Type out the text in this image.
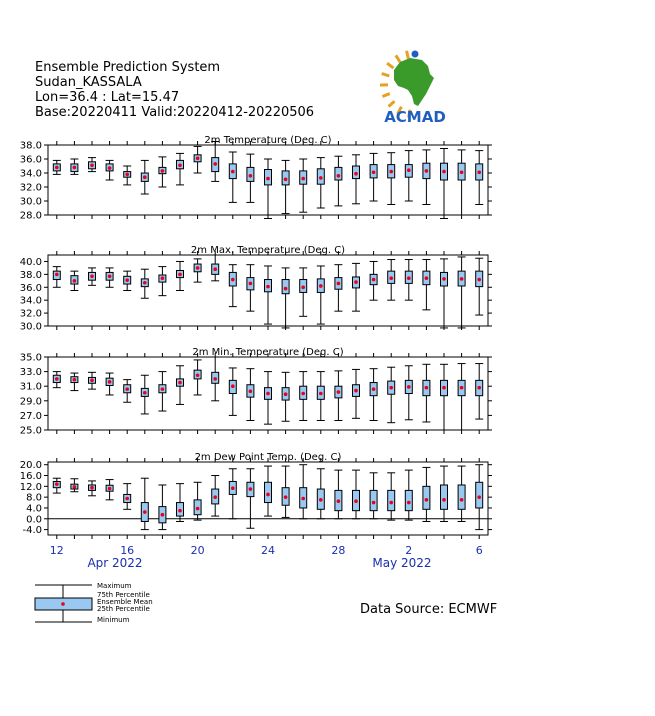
Ensemble Prediction System
Sudan_KASSALA
Lon=36.4 : Lat=15.47
Base:20220411 Valid:20220412-20220506	ACMAD
2m Temperature (Deg. C)
28.0
30.0
32.0
34.0
36.0
38.0
2m Max. Temperature (Deg. C)
30.0
32.0
34.0
36.0
38.0
40.0
2m Min. Temperature (Deg. C)
25.0
27.0
29.0
31.0
33.0
35.0
2m Dew Point Temp. (Deg. C)
-4.0
0.0
4.0
8.0
12.0
16.0
20.0
12	16	20	24	28	2	6
Apr 2022	May 2022
Maximum
75th Percentile
Ensemble Mean
25th Percentile
Minimum
Data Source: ECMWF
